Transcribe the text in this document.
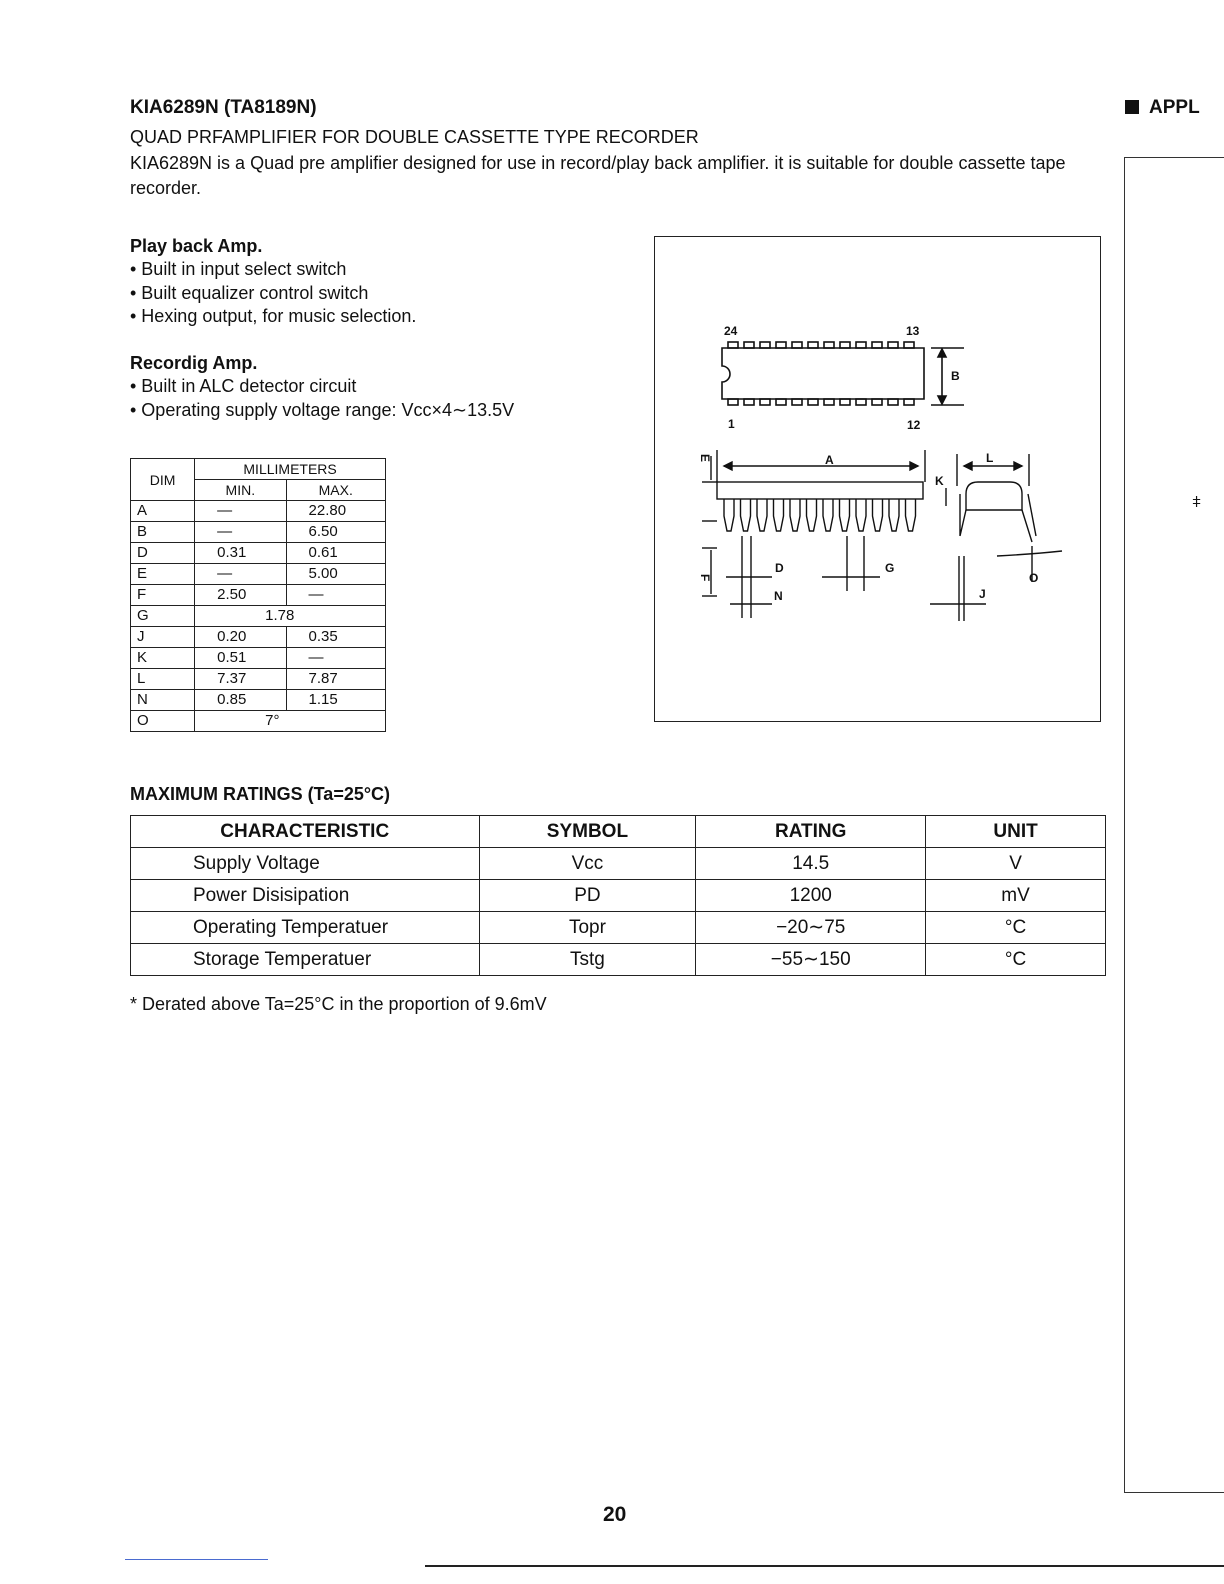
KIA6289N (TA8189N)	APPL
QUAD PRFAMPLIFIER FOR DOUBLE CASSETTE TYPE RECORDER
KIA6289N is a Quad pre amplifier designed for use in record/play back amplifier. it is suitable for double cassette tape recorder.
Play back Amp.
• Built in input select switch
• Built equalizer control switch
• Hexing output, for music selection.
Recordig Amp.
• Built in ALC detector circuit
• Operating supply voltage range: Vcc×4∼13.5V
DIM	MILLIMETERS	
	MIN.	MAX.
A	—	22.80
B	—	6.50
D	0.31	0.61
E	—	5.00
F	2.50	—
G	1.78	
J	0.20	0.35
K	0.51	—
L	7.37	7.87
N	0.85	1.15
O	7°	
24	13
1	12
B
A
E
F
D
N
G
K
L
J
O
MAXIMUM RATINGS (Ta=25°C)
CHARACTERISTIC	SYMBOL	RATING	UNIT
Supply Voltage	Vcc	14.5	V
Power Disisipation	PD	1200	mV
Operating Temperatuer	Topr	−20∼75	°C
Storage Temperatuer	Tstg	−55∼150	°C
* Derated above Ta=25°C in the proportion of 9.6mV
20
⧧
